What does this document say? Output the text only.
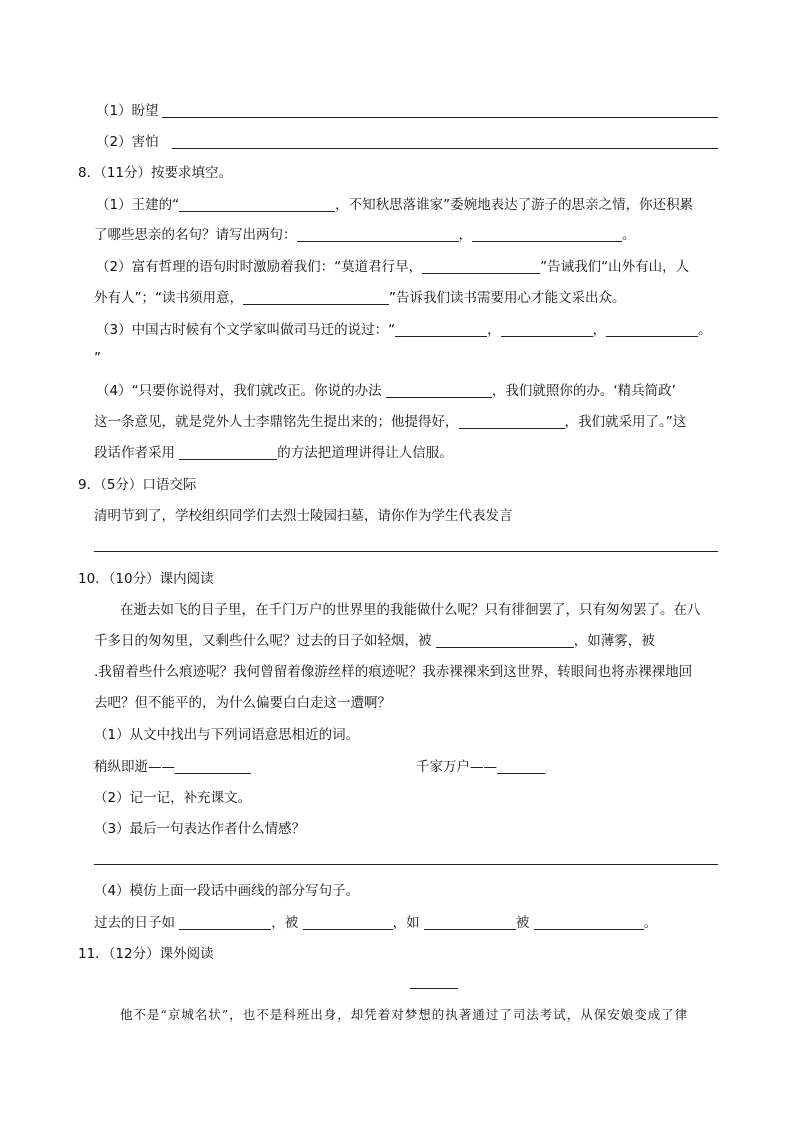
（1）盼望
（2）害怕
8．（11分）按要求填空。
（1）王建的“	，不知秋思落谁家”委婉地表达了游子的思亲之情，你还积累
了哪些思亲的名句？请写出两句：	，	。
（2）富有哲理的语句时时激励着我们：“莫道君行早，	”告诫我们“山外有山，人
外有人”；“读书须用意，	”告诉我们读书需要用心才能文采出众。
（3）中国古时候有个文学家叫做司马迁的说过：“	，	，	。
”
（4）“只要你说得对，我们就改正。你说的办法	，我们就照你的办。‘精兵简政’
这一条意见，就是党外人士李鼎铭先生提出来的；他提得好，	，我们就采用了。”这
段话作者采用	的方法把道理讲得让人信服。
9．（5分）口语交际
清明节到了，学校组织同学们去烈士陵园扫墓，请你作为学生代表发言
10．（10分）课内阅读
在逝去如飞的日子里，在千门万户的世界里的我能做什么呢？只有徘徊罢了，只有匆匆罢了。在八
千多日的匆匆里，又剩些什么呢？过去的日子如轻烟，被	，如薄雾，被
.我留着些什么痕迹呢？我何曾留着像游丝样的痕迹呢？我赤裸裸来到这世界，转眼间也将赤裸裸地回
去吧？但不能平的，为什么偏要白白走这一遭啊？
（1）从文中找出与下列词语意思相近的词。
稍纵即逝——	千家万户——
（2）记一记，补充课文。
（3）最后一句表达作者什么情感？
（4）模仿上面一段话中画线的部分写句子。
过去的日子如	，被	，如	被	。
11．（12分）课外阅读
他不是“京城名状”，也不是科班出身，却凭着对梦想的执著通过了司法考试，从保安娘变成了律
